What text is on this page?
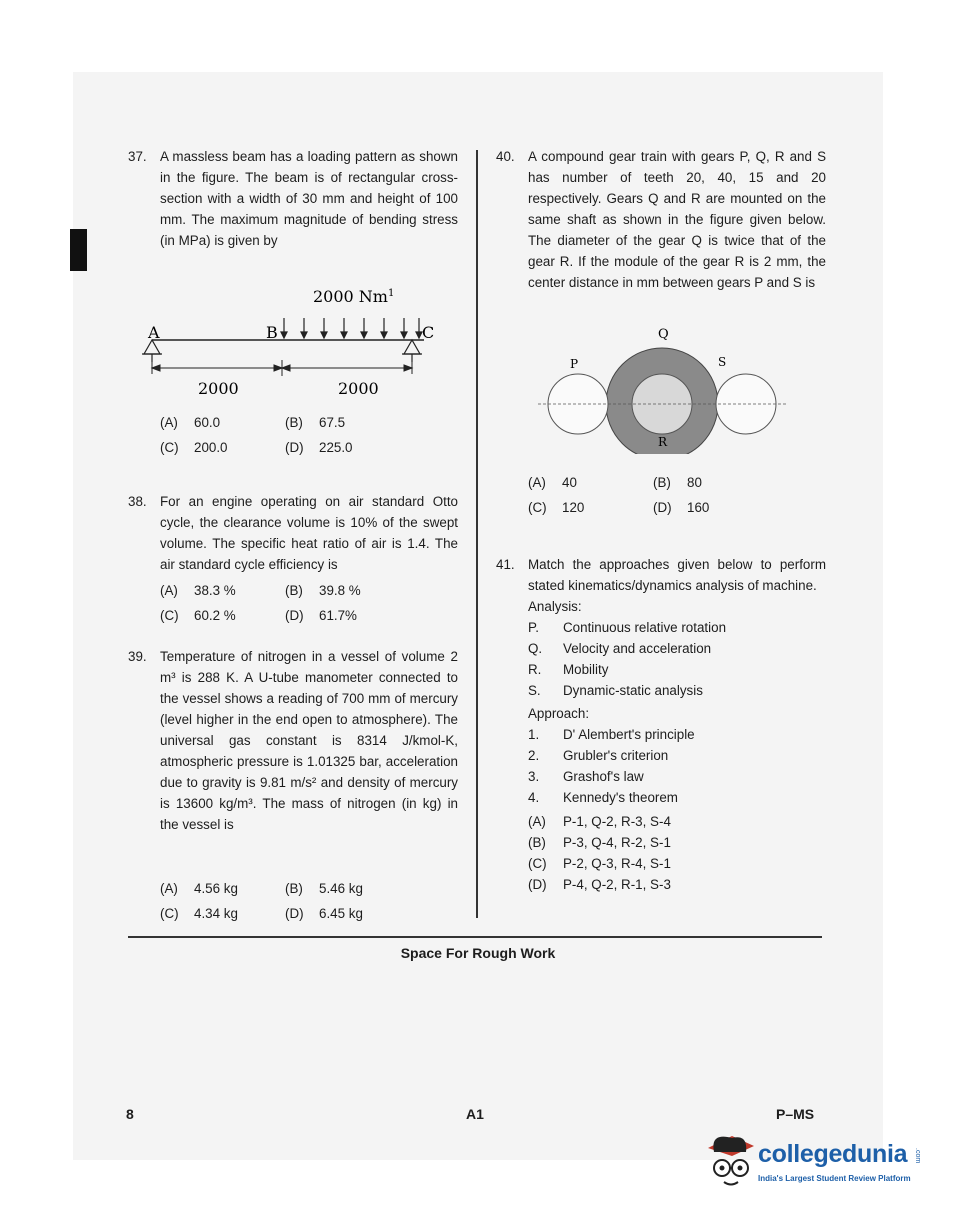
37. A massless beam has a loading pattern as shown in the figure. The beam is of rectangular cross-section with a width of 30 mm and height of 100 mm. The maximum magnitude of bending stress (in MPa) is given by
2000 Nm$^1$
A	B	C
2000	2000
(A) 60.0	(B) 67.5
(C) 200.0	(D) 225.0
38. For an engine operating on air standard Otto cycle, the clearance volume is 10% of the swept volume. The specific heat ratio of air is 1.4. The air standard cycle efficiency is
(A) 38.3 %	(B) 39.8 %
(C) 60.2 %	(D) 61.7%
39. Temperature of nitrogen in a vessel of volume 2 m³ is 288 K. A U-tube manometer connected to the vessel shows a reading of 700 mm of mercury (level higher in the end open to atmosphere). The universal gas constant is 8314 J/kmol-K, atmospheric pressure is 1.01325 bar, acceleration due to gravity is 9.81 m/s² and density of mercury is 13600 kg/m³. The mass of nitrogen (in kg) in the vessel is
(A) 4.56 kg	(B) 5.46 kg
(C) 4.34 kg	(D) 6.45 kg
40. A compound gear train with gears P, Q, R and S has number of teeth 20, 40, 15 and 20 respectively. Gears Q and R are mounted on the same shaft as shown in the figure given below. The diameter of the gear Q is twice that of the gear R. If the module of the gear R is 2 mm, the center distance in mm between gears P and S is
Q
P	S
R
(A) 40	(B) 80
(C) 120	(D) 160
41. Match the approaches given below to perform stated kinematics/dynamics analysis of machine.
Analysis:
P.	Continuous relative rotation
Q.	Velocity and acceleration
R.	Mobility
S.	Dynamic-static analysis
Approach:
1.	D' Alembert's principle
2.	Grubler's criterion
3.	Grashof's law
4.	Kennedy's theorem
(A)	P-1, Q-2, R-3, S-4
(B)	P-3, Q-4, R-2, S-1
(C)	P-2, Q-3, R-4, S-1
(D)	P-4, Q-2, R-1, S-3
Space For Rough Work
8	A1	P–MS
collegedunia .com
India's Largest Student Review Platform
